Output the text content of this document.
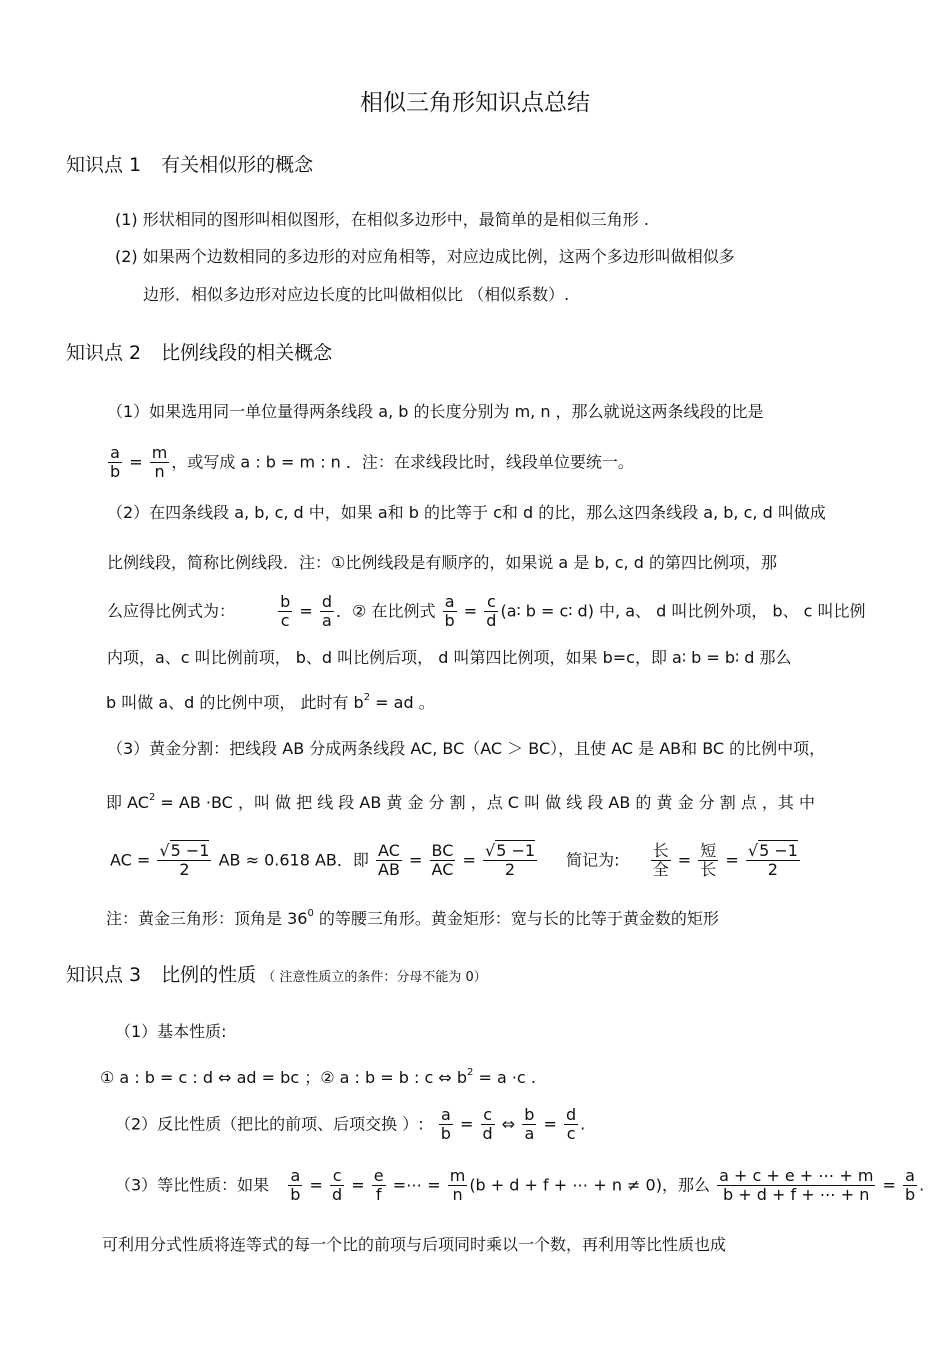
相似三角形知识点总结
知识点 1 有关相似形的概念
(1) 形状相同的图形叫相似图形，在相似多边形中，最简单的是相似三角形 .
(2) 如果两个边数相同的多边形的对应角相等，对应边成比例，这两个多边形叫做相似多
边形．相似多边形对应边长度的比叫做相似比 （相似系数）.
知识点 2 比例线段的相关概念
（1）如果选用同一单位量得两条线段 a, b 的长度分别为 m, n ，那么就说这两条线段的比是
$\frac{a}{b} = \frac{m}{n}$ ，或写成 a : b = m : n ．注：在求线段比时，线段单位要统一。
（2）在四条线段 a, b, c, d 中，如果 a和 b 的比等于 c和 d 的比，那么这四条线段 a, b, c, d 叫做成
比例线段，简称比例线段．注：①比例线段是有顺序的，如果说 a 是 b, c, d 的第四比例项，那
么应得比例式为：	$\frac{b}{c} = \frac{d}{a}$ ．② 在比例式 $\frac{a}{b} = \frac{c}{d}$ (a∶ b = c∶ d) 中, a、 d 叫比例外项， b、 c 叫比例
内项，a、c 叫比例前项， b、d 叫比例后项， d 叫第四比例项，如果 b=c，即 a∶ b = b∶ d 那么
b 叫做 a、d 的比例中项， 此时有 $b^2$ = ad 。
（3）黄金分割：把线段 AB 分成两条线段 AC, BC（AC ＞ BC），且使 AC 是 AB和 BC 的比例中项，
即 $AC^2$ = AB ·BC ，叫 做 把 线 段 AB 黄 金 分 割 ，点 C 叫 做 线 段 AB 的 黄 金 分 割 点 ，其 中
AC = $\frac{√5 -1}{2}$ AB ≈ 0.618 AB．即 $\frac{AC}{AB} = \frac{BC}{AC} = \frac{√5 -1}{2}$ 简记为: $\frac{\text{长}}{\text{全}} = \frac{\text{短}}{\text{长}} = \frac{√5 -1}{2}$
注：黄金三角形：顶角是 $36^0$ 的等腰三角形。黄金矩形：宽与长的比等于黄金数的矩形
知识点 3 比例的性质 （ 注意性质立的条件：分母不能为 0）
（1）基本性质:
① a : b = c : d ⇔ ad = bc ；② a : b = b : c ⇔ $b^2 = a \cdot c$ .
（2）反比性质（把比的前项、后项交换 ）: $\frac{a}{b} = \frac{c}{d}$ ⇔ $\frac{b}{a} = \frac{d}{c}$ .
（3）等比性质：如果 $\frac{a}{b} = \frac{c}{d} = \frac{e}{f}$ =⋯ = $\frac{m}{n} (b + d + f$ + ⋯ + n ≠ 0)，那么 $\frac{a + c + e + \cdots + m}{b + d + f + \cdots + n} = \frac{a}{b}$ .
可利用分式性质将连等式的每一个比的前项与后项同时乘以一个数，再利用等比性质也成
